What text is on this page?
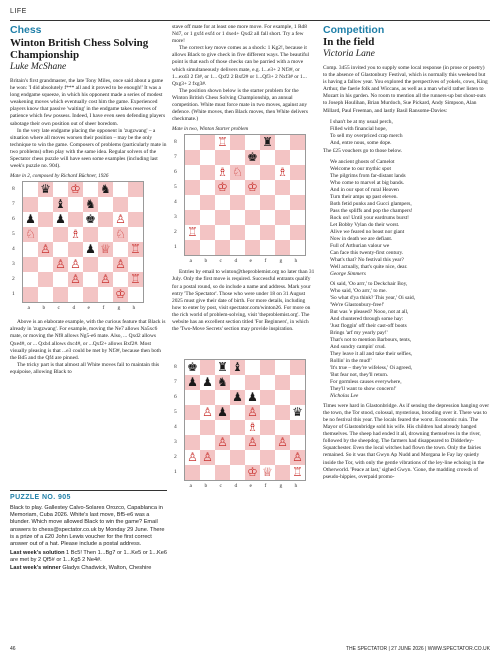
LIFE
Chess
Winton British Chess Solving Championship
Luke McShane

Britain's first grandmaster, the late Tony Miles, once said about a game he won: 'I did absolutely f*** all and it proved to be enough!' It was a long endgame squeeze, in which his opponent made a series of modest weakening moves which eventually cost him the game. Experienced players know that passive 'waiting' in the endgame takes reserves of patience which few possess. Indeed, I have even seen defending players sabotage their own position out of sheer boredom.

In the very late endgame placing the opponent in 'zugzwang' – a situation where all moves worsen their position – may be the only technique to win the game. Composers of problems (particularly mate in two problems) often play with the same idea. Regular solvers of the Spectator chess puzzle will have seen some examples (including last week's puzzle no. 904).

Mate in 2, composed by Richard Büchner, 1926
♛ ♔ ♞
♝ ♞
♟ ♟ ♚ ♙
♘	♗	♘
♙	♟ ♕ ♖
♙ ♙	♙
♙ ♙ ♖
♔
8
7
6
5
4
3
2
1
a b c d e f g h

Above is an elaborate example, with the curious feature that Black is already in 'zugzwang'. For example, moving the Ne7 allows Na5xc6 mate, or moving the Nf8 allows Ng5-e6 mate. Also, ... Qxd2 allows Qxe4#, or ... Qxb4 allows dxc4#, or ...Qxf2+ allows Bxf2#. Most visually pleasing is that ...e3 could be met by Nf3#, because then both the Bd5 and the Qf4 are pinned.

The tricky part is that almost all White moves fail to maintain this equipoise, allowing Black to

PUZZLE NO. 905
Black to play. Gallestey Calvo-Solares Orozco, Capablanca in Memoriam, Cuba 2026. White's last move, Bf5-e6 was a blunder. Which move allowed Black to win the game? Email answers to chess@spectator.co.uk by Monday 29 June. There is a prize of a £20 John Lewis voucher for the first correct answer out of a hat. Please include a postal address.
Last week's solution 1 Bc5! Then 1...Bg7 or 1...Ke5 or 1...Ke6 are met by 2 Qf5# or 1...Kg5 2 Ne4#.
Last week's winner Gladys Chadwick, Walton, Cheshire

stave off mate for at least one more move. For example, 1 Rd8 Nd7, or 1 gxf4 exf4 or 1 dxe4+ Qxd2 all fall short. Try a few more!

The correct key move comes as a shock: 1 Kg2!, because it allows Black to give check in five different ways. The beautiful point is that each of those checks can be parried with a move which simultaneously delivers mate, e.g. 1...e3+ 2 Nf3#, or 1...exd3 2 f3#, or 1... Qxf2 2 Bxf2# or 1...Qf3+ 2 Nxf3# or 1... Qxg3+ 2 fxg3#.

The position shown below is the starter problem for the Winton British Chess Solving Championship, an annual competition. White must force mate in two moves, against any defence. (White moves, then Black moves, then White delivers checkmate.)

Mate in two, Winton Starter problem
♖	♜
♚
♗ ♘	♗
♔ ♔
♖
8
7
6
5
4
3
2
1
a b c d e f g h

Entries by email to winton@theproblemist.org no later than 31 July. Only the first move is required. Successful entrants qualify for a postal round, so do include a name and address. Mark your entry 'The Spectator'. Those who were under 18 on 31 August 2025 must give their date of birth. For more details, including how to enter by post, visit spectator.com/winton26. For more on the rich world of problem-solving, visit 'theproblemist.org'. The website has an excellent section titled 'For Beginners', in which the 'Two-Move Secrets' section may provide inspiration.

♚ ♜ ♝
♟ ♟ ♞
♟ ♟
♟
♙	♙	♛
♗
♙ ♙ ♙
♙ ♙	♙
♔ ♕ ♖
8
7
6
5
4
3
2
1
a b c d e f g h
Competition
In the field
Victoria Lane
Comp. 3455 invited you to supply some local response (in prose or poetry) to the absence of Glastonbury Festival, which is normally this weekend but is having a fallow year. You explored the perspectives of yokels, cows, King Arthur, the faerie folk and Wiccans, as well as a man who'd rather listen to Mozart in his garden. No room to mention all the runners-up but shout-outs to Joseph Houlihan, Brian Murdoch, Sue Pickard, Andy Simpson, Alan Millard, Paul Freeman, and lastly Basil Ransome-Davies:
I shan't be at my usual perch,
Filled with financial hope,
To sell my overpriced crap merch
And, entre nous, some dope.
The £25 vouchers go to those below.
We ancient ghosts of Camelot
Welcome to our mythic spot
The pilgrims from far-distant lands
Who come to marvel at big bands.
And in our spot of rural Heaven
Turn their amps up past eleven.
Both fetid punks and Gucci glampers,
Pass the spliffs and pop the champers!
Rock on! Until your eardrums burst!
Let Bobby Vylan do their worst.
Alive we feared no beast nor giant
Now in death we are defiant.
Full of Arthurian valour we
Can face this twenty-first century.
What's that? No festival this year?
Well actually, that's quite nice, dear.
George Simmers
Oi said, 'Oo arrr,' to Deckchair Boy,
Who said, 'Oo arrr,' to me.
'So what d'ya think? This year,' Oi said,
'We're Glastonbury-free!'
But was 'e pleased? Nooo, not at all,
And chuntered through some hay:
'Just floggin' off their cast-off boots
Brings 'arf my yearly pay!'
That's not to mention Barbours, tents,
And sundry campin' crud.
They leave it all and take their selfies,
Rollin' in the mud!'
'It's true – they're wifeless,' Oi agreed,
'But fear not, they'll return.
For gormless causes everywhere,
They'll want to show concern!'
Nicholas Lee
Times were hard in Glastonbridge. As if sensing the depression hanging over the town, the Tor stood, colossal, mysterious, brooding over it. There was to be no festival this year. The locals feared the worst. Economic ruin. The Mayor of Glastonbridge sold his wife. His children had already hanged themselves. The sheep had ended it all, drowning themselves in the river, followed by the sheepdog. The farmers had disappeared to Didderley-Squatchester. Even the local witches had flown the town. Only the fairies remained. So it was that Gwyn Ap Nudd and Morgana le Fay lay quietly inside the Tor, with only the gentle vibrations of the ley-line echoing in the Otherworld. 'Peace at last,' sighed Gwyn. 'Gone, the madding crowds of pseudo-hippies, overpaid promo-
46	THE SPECTATOR | 27 JUNE 2026 | WWW.SPECTATOR.CO.UK
